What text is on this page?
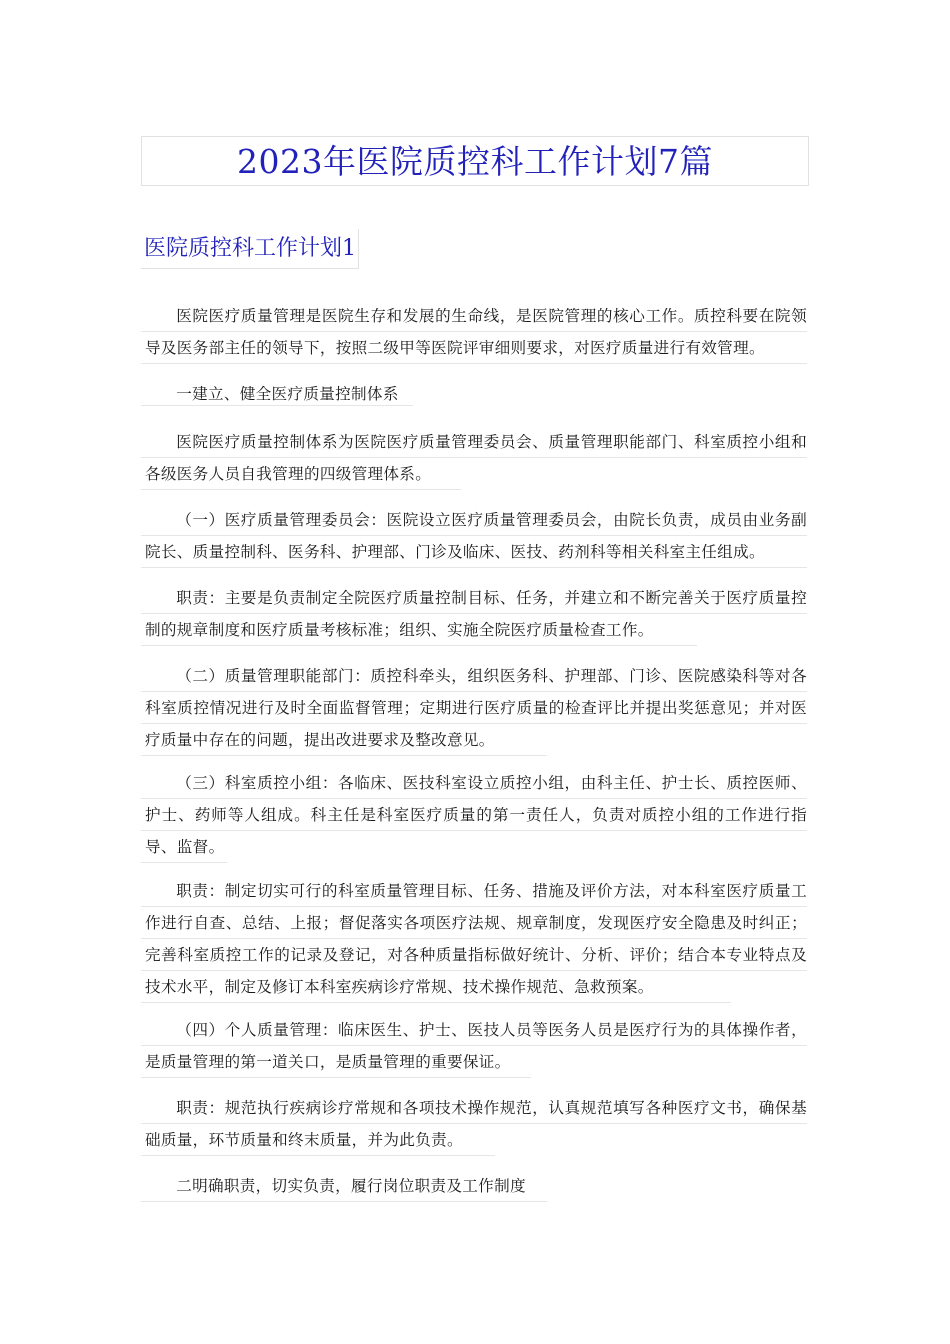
2023年医院质控科工作计划7篇
医院质控科工作计划1
医院医疗质量管理是医院生存和发展的生命线，是医院管理的核心工作。质控科要在院领导及医务部主任的领导下，按照二级甲等医院评审细则要求，对医疗质量进行有效管理。
一建立、健全医疗质量控制体系
医院医疗质量控制体系为医院医疗质量管理委员会、质量管理职能部门、科室质控小组和各级医务人员自我管理的四级管理体系。
（一）医疗质量管理委员会：医院设立医疗质量管理委员会，由院长负责，成员由业务副院长、质量控制科、医务科、护理部、门诊及临床、医技、药剂科等相关科室主任组成。
职责：主要是负责制定全院医疗质量控制目标、任务，并建立和不断完善关于医疗质量控制的规章制度和医疗质量考核标准；组织、实施全院医疗质量检查工作。
（二）质量管理职能部门：质控科牵头，组织医务科、护理部、门诊、医院感染科等对各科室质控情况进行及时全面监督管理；定期进行医疗质量的检查评比并提出奖惩意见；并对医疗质量中存在的问题，提出改进要求及整改意见。
（三）科室质控小组：各临床、医技科室设立质控小组，由科主任、护士长、质控医师、护士、药师等人组成。科主任是科室医疗质量的第一责任人，负责对质控小组的工作进行指导、监督。
职责：制定切实可行的科室质量管理目标、任务、措施及评价方法，对本科室医疗质量工作进行自查、总结、上报；督促落实各项医疗法规、规章制度，发现医疗安全隐患及时纠正；完善科室质控工作的记录及登记，对各种质量指标做好统计、分析、评价；结合本专业特点及技术水平，制定及修订本科室疾病诊疗常规、技术操作规范、急救预案。
（四）个人质量管理：临床医生、护士、医技人员等医务人员是医疗行为的具体操作者，是质量管理的第一道关口，是质量管理的重要保证。
职责：规范执行疾病诊疗常规和各项技术操作规范，认真规范填写各种医疗文书，确保基础质量，环节质量和终末质量，并为此负责。
二明确职责，切实负责，履行岗位职责及工作制度
